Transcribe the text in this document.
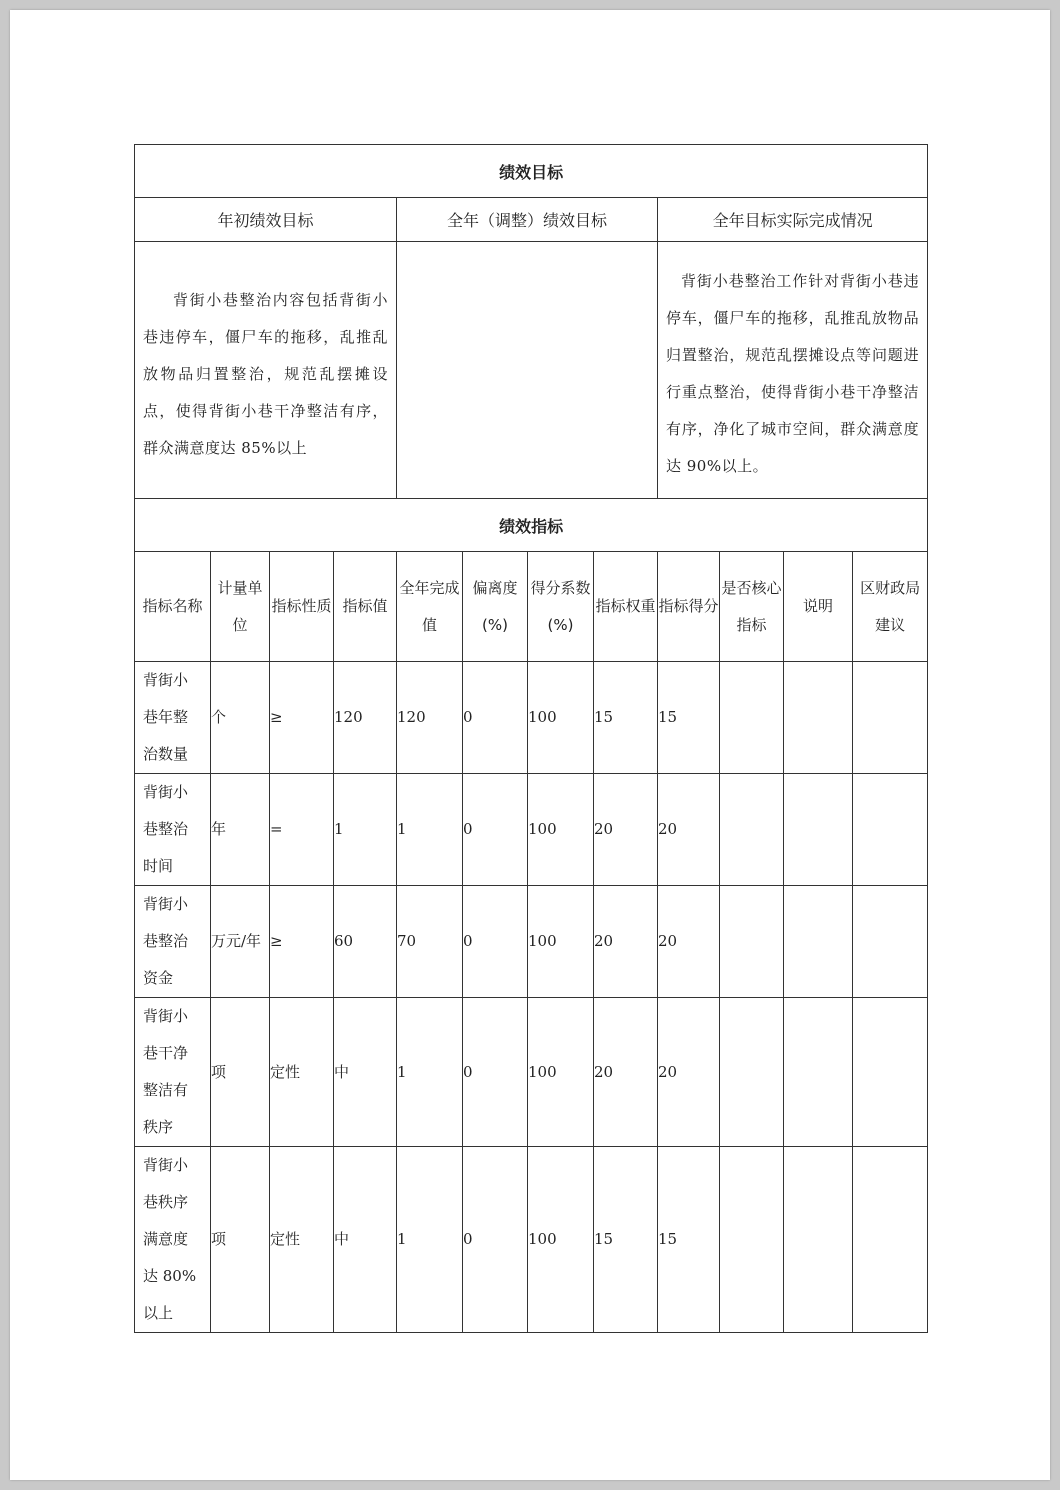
绩效目标											
年初绩效目标				全年（调整）绩效目标				全年目标实际完成情况			

背街小巷整治内容包括背街小巷违停车，僵尸车的拖移，乱推乱放物品归置整治，规范乱摆摊设点，使得背街小巷干净整洁有序，群众满意度达 85%以上								背街小巷整治工作针对背街小巷违停车，僵尸车的拖移，乱推乱放物品归置整治，规范乱摆摊设点等问题进行重点整治，使得背街小巷干净整洁有序，净化了城市空间，群众满意度达 90%以上。			

绩效指标											
指标名称	计量单位	指标性质	指标值	全年完成值	偏离度(%)	得分系数(%)	指标权重	指标得分	是否核心指标	说明	区财政局建议
背街小巷年整治数量	个	≥	120	120	0	100	15	15			
背街小巷整治时间	年	=	1	1	0	100	20	20			
背街小巷整治资金	万元/年	≥	60	70	0	100	20	20			
背街小巷干净整洁有秩序	项	定性	中	1	0	100	20	20			
背街小巷秩序满意度达 80%以上	项	定性	中	1	0	100	15	15			
